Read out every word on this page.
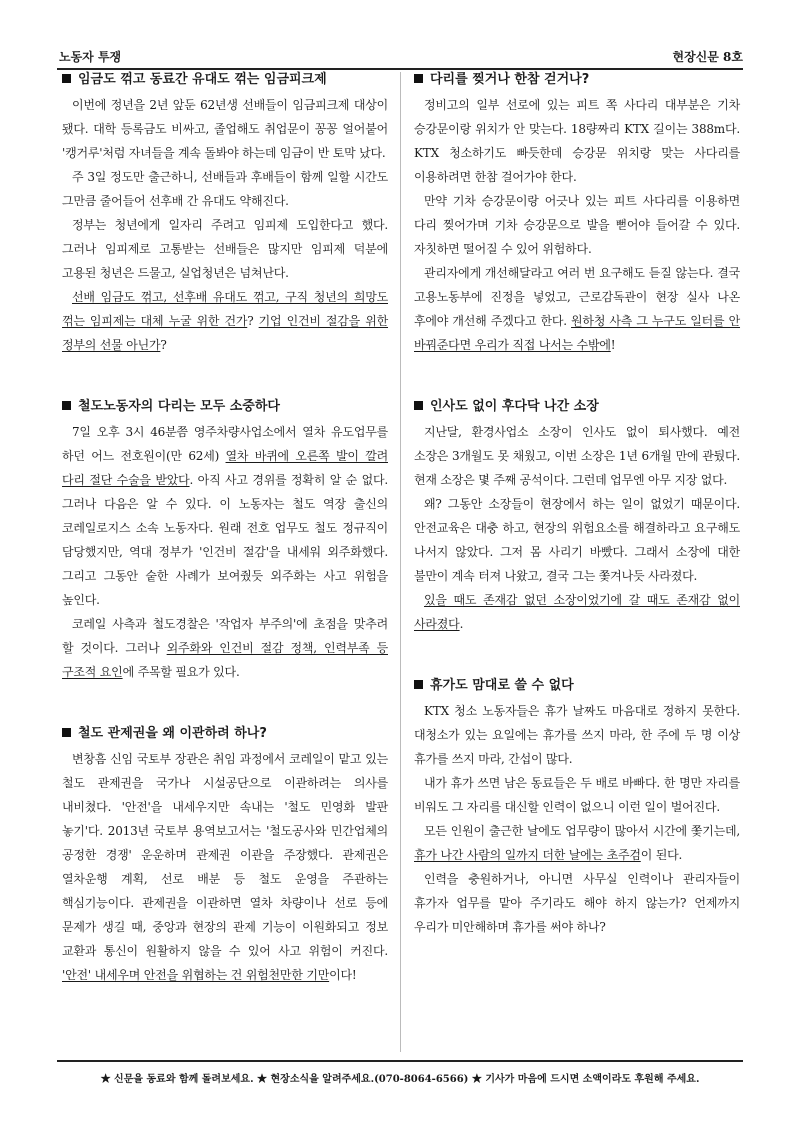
노동자 투쟁	현장신문 8호
임금도 꺾고 동료간 유대도 꺾는 임금피크제

이번에 정년을 2년 앞둔 62년생 선배들이 임금피크제 대상이 됐다. 대학 등록금도 비싸고, 졸업해도 취업문이 꽁꽁 얼어붙어 '캥거루'처럼 자녀들을 계속 돌봐야 하는데 임금이 반 토막 났다.

주 3일 정도만 출근하니, 선배들과 후배들이 함께 일할 시간도 그만큼 줄어들어 선후배 간 유대도 약해진다.

정부는 청년에게 일자리 주려고 임피제 도입한다고 했다. 그러나 임피제로 고통받는 선배들은 많지만 임피제 덕분에 고용된 청년은 드물고, 실업청년은 넘쳐난다.

선배 임금도 꺾고, 선후배 유대도 꺾고, 구직 청년의 희망도 꺾는 임피제는 대체 누굴 위한 건가? 기업 인건비 절감을 위한 정부의 선물 아닌가?

철도노동자의 다리는 모두 소중하다

7일 오후 3시 46분쯤 영주차량사업소에서 열차 유도업무를 하던 어느 전호원이(만 62세) 열차 바퀴에 오른쪽 발이 깔려 다리 절단 수술을 받았다. 아직 사고 경위를 정확히 알 순 없다. 그러나 다음은 알 수 있다. 이 노동자는 철도 역장 출신의 코레일로지스 소속 노동자다. 원래 전호 업무도 철도 정규직이 담당했지만, 역대 정부가 '인건비 절감'을 내세워 외주화했다. 그리고 그동안 숱한 사례가 보여줬듯 외주화는 사고 위험을 높인다.

코레일 사측과 철도경찰은 '작업자 부주의'에 초점을 맞추려 할 것이다. 그러나 외주화와 인건비 절감 정책, 인력부족 등 구조적 요인에 주목할 필요가 있다.

철도 관제권을 왜 이관하려 하나?

변창흠 신임 국토부 장관은 취임 과정에서 코레일이 맡고 있는 철도 관제권을 국가나 시설공단으로 이관하려는 의사를 내비쳤다. '안전'을 내세우지만 속내는 '철도 민영화 발판 놓기'다. 2013년 국토부 용역보고서는 '철도공사와 민간업체의 공정한 경쟁' 운운하며 관제권 이관을 주장했다. 관제권은 열차운행 계획, 선로 배분 등 철도 운영을 주관하는 핵심기능이다. 관제권을 이관하면 열차 차량이나 선로 등에 문제가 생길 때, 중앙과 현장의 관제 기능이 이원화되고 정보 교환과 통신이 원활하지 않을 수 있어 사고 위험이 커진다. '안전' 내세우며 안전을 위협하는 건 위험천만한 기만이다!

다리를 찢거나 한참 걷거나?

정비고의 일부 선로에 있는 피트 쪽 사다리 대부분은 기차 승강문이랑 위치가 안 맞는다. 18량짜리 KTX 길이는 388m다. KTX 청소하기도 빠듯한데 승강문 위치랑 맞는 사다리를 이용하려면 한참 걸어가야 한다.

만약 기차 승강문이랑 어긋나 있는 피트 사다리를 이용하면 다리 찢어가며 기차 승강문으로 발을 뻗어야 들어갈 수 있다. 자칫하면 떨어질 수 있어 위험하다.

관리자에게 개선해달라고 여러 번 요구해도 듣질 않는다. 결국 고용노동부에 진정을 넣었고, 근로감독관이 현장 실사 나온 후에야 개선해 주겠다고 한다. 원하청 사측 그 누구도 일터를 안 바꿔준다면 우리가 직접 나서는 수밖에!

인사도 없이 후다닥 나간 소장

지난달, 환경사업소 소장이 인사도 없이 퇴사했다. 예전 소장은 3개월도 못 채웠고, 이번 소장은 1년 6개월 만에 관뒀다. 현재 소장은 몇 주째 공석이다. 그런데 업무엔 아무 지장 없다.

왜? 그동안 소장들이 현장에서 하는 일이 없었기 때문이다. 안전교육은 대충 하고, 현장의 위험요소를 해결하라고 요구해도 나서지 않았다. 그저 몸 사리기 바빴다. 그래서 소장에 대한 불만이 계속 터져 나왔고, 결국 그는 쫓겨나듯 사라졌다.

있을 때도 존재감 없던 소장이었기에 갈 때도 존재감 없이 사라졌다.

휴가도 맘대로 쓸 수 없다

KTX 청소 노동자들은 휴가 날짜도 마음대로 정하지 못한다. 대청소가 있는 요일에는 휴가를 쓰지 마라, 한 주에 두 명 이상 휴가를 쓰지 마라, 간섭이 많다.

내가 휴가 쓰면 남은 동료들은 두 배로 바빠다. 한 명만 자리를 비워도 그 자리를 대신할 인력이 없으니 이런 일이 벌어진다.

모든 인원이 출근한 날에도 업무량이 많아서 시간에 쫓기는데, 휴가 나간 사람의 일까지 더한 날에는 초주검이 된다.

인력을 충원하거나, 아니면 사무실 인력이나 관리자들이 휴가자 업무를 맡아 주기라도 해야 하지 않는가? 언제까지 우리가 미안해하며 휴가를 써야 하나?

★ 신문을 동료와 함께 돌려보세요. ★ 현장소식을 알려주세요.(070-8064-6566) ★ 기사가 마음에 드시면 소액이라도 후원해 주세요.
